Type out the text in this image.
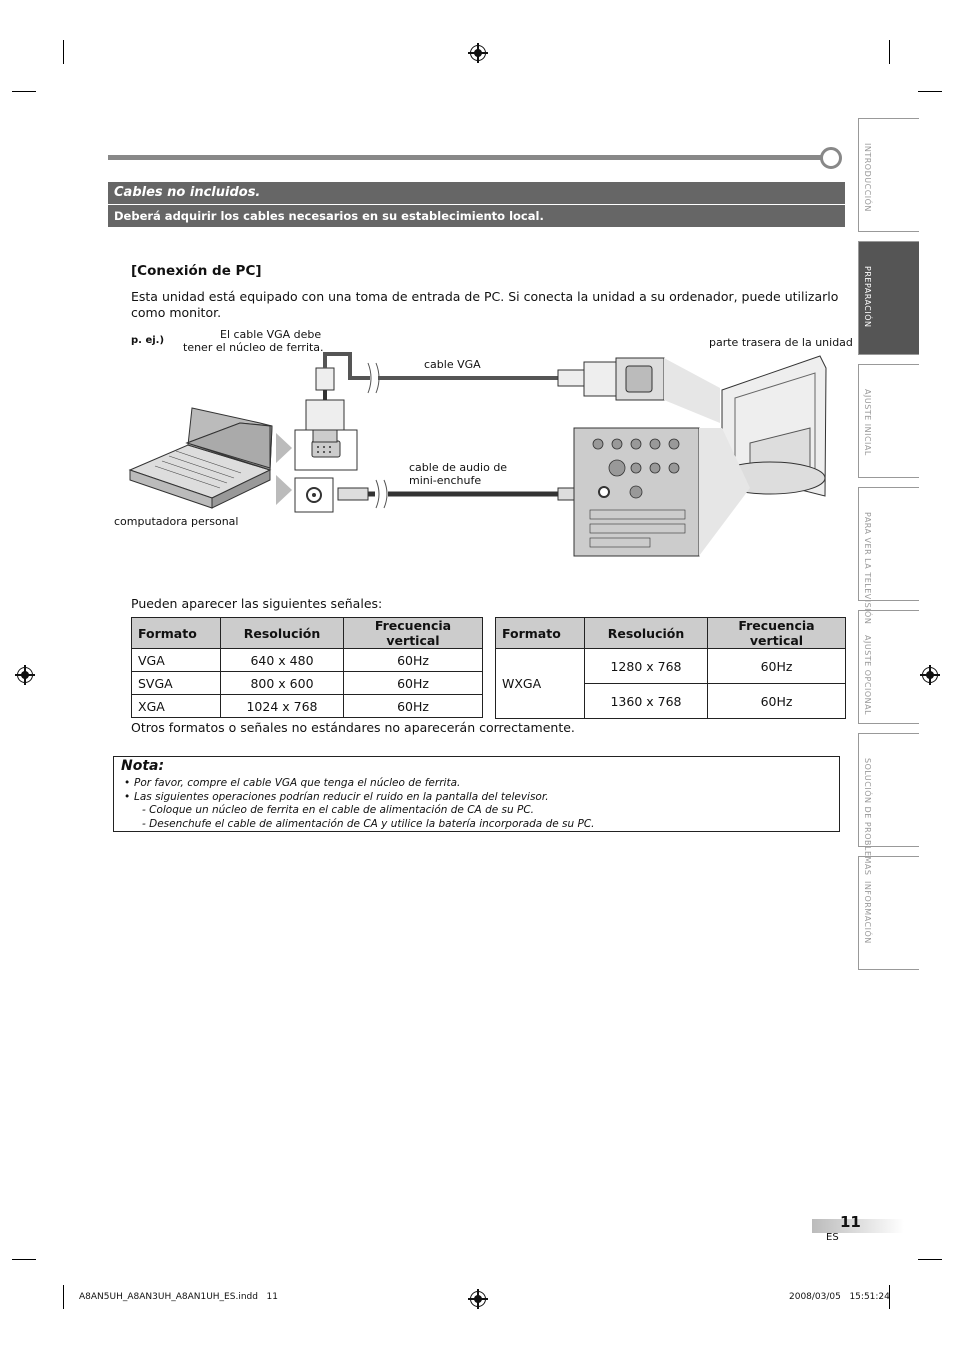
INTRODUCCIÓN
PREPARACIÓN
AJUSTE INICIAL
PARA VER LA TELEVISIÓN
AJUSTE OPCIONAL
SOLUCIÓN DE PROBLEMAS
INFORMACIÓN
Cables no incluidos.
Deberá adquirir los cables necesarios en su establecimiento local.
[Conexión de PC]
Esta unidad está equipado con una toma de entrada de PC. Si conecta la unidad a su ordenador, puede utilizarlo como monitor.
p. ej.)	El cable VGA debe
tener el núcleo de ferrita.
cable VGA
parte trasera de la unidad
cable de audio de
mini-enchufe
computadora personal
Pueden aparecer las siguientes señales:
Formato	Resolución	Frecuencia vertical
VGA	640 x 480	60Hz
SVGA	800 x 600	60Hz
XGA	1024 x 768	60Hz
Formato	Resolución	Frecuencia vertical
WXGA	1280 x 768	60Hz
	1360 x 768	60Hz
Otros formatos o señales no estándares no aparecerán correctamente.
Nota:
• Por favor, compre el cable VGA que tenga el núcleo de ferrita.
• Las siguientes operaciones podrían reducir el ruido en la pantalla del televisor.
- Coloque un núcleo de ferrita en el cable de alimentación de CA de su PC.
- Desenchufe el cable de alimentación de CA y utilice la batería incorporada de su PC.
11
ES
A8AN5UH_A8AN3UH_A8AN1UH_ES.indd   11	2008/03/05   15:51:24
